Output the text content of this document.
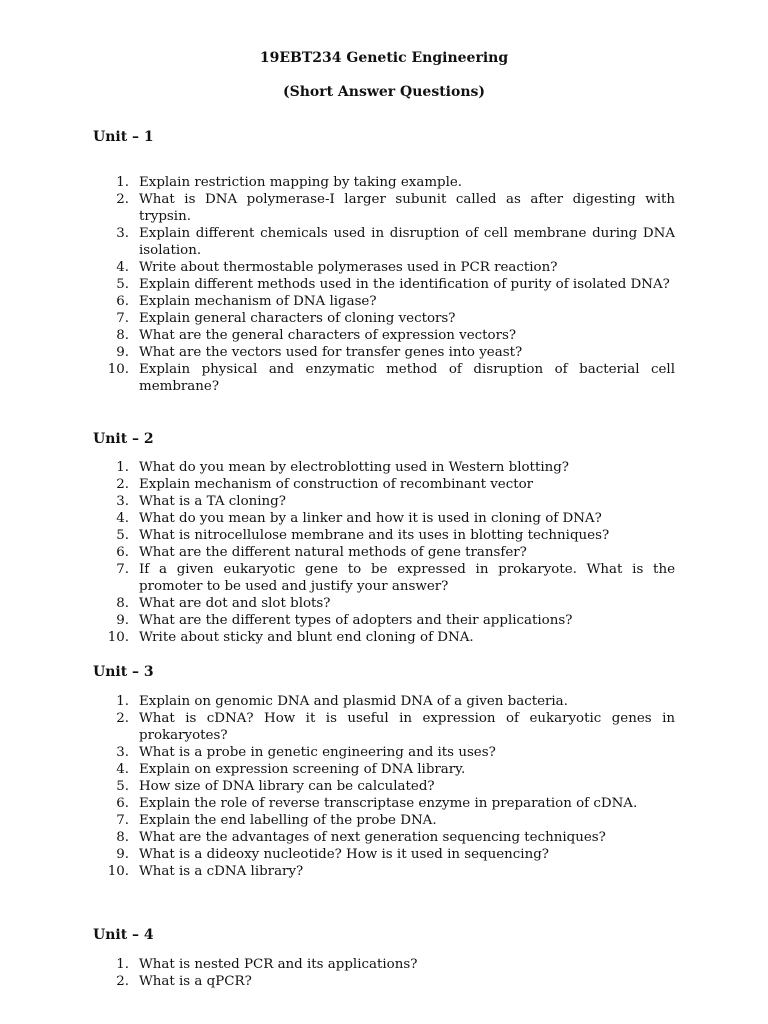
19EBT234 Genetic Engineering
(Short Answer Questions)
Unit – 1
1. Explain restriction mapping by taking example.
2. What is DNA polymerase-I larger subunit called as after digesting with trypsin.
3. Explain different chemicals used in disruption of cell membrane during DNA isolation.
4. Write about thermostable polymerases used in PCR reaction?
5. Explain different methods used in the identification of purity of isolated DNA?
6. Explain mechanism of DNA ligase?
7. Explain general characters of cloning vectors?
8. What are the general characters of expression vectors?
9. What are the vectors used for transfer genes into yeast?
10. Explain physical and enzymatic method of disruption of bacterial cell membrane?
Unit – 2
1. What do you mean by electroblotting used in Western blotting?
2. Explain mechanism of construction of recombinant vector
3. What is a TA cloning?
4. What do you mean by a linker and how it is used in cloning of DNA?
5. What is nitrocellulose membrane and its uses in blotting techniques?
6. What are the different natural methods of gene transfer?
7. If a given eukaryotic gene to be expressed in prokaryote. What is the promoter to be used and justify your answer?
8. What are dot and slot blots?
9. What are the different types of adopters and their applications?
10. Write about sticky and blunt end cloning of DNA.
Unit – 3
1. Explain on genomic DNA and plasmid DNA of a given bacteria.
2. What is cDNA? How it is useful in expression of eukaryotic genes in prokaryotes?
3. What is a probe in genetic engineering and its uses?
4. Explain on expression screening of DNA library.
5. How size of DNA library can be calculated?
6. Explain the role of reverse transcriptase enzyme in preparation of cDNA.
7. Explain the end labelling of the probe DNA.
8. What are the advantages of next generation sequencing techniques?
9. What is a dideoxy nucleotide? How is it used in sequencing?
10. What is a cDNA library?
Unit – 4
1. What is nested PCR and its applications?
2. What is a qPCR?
